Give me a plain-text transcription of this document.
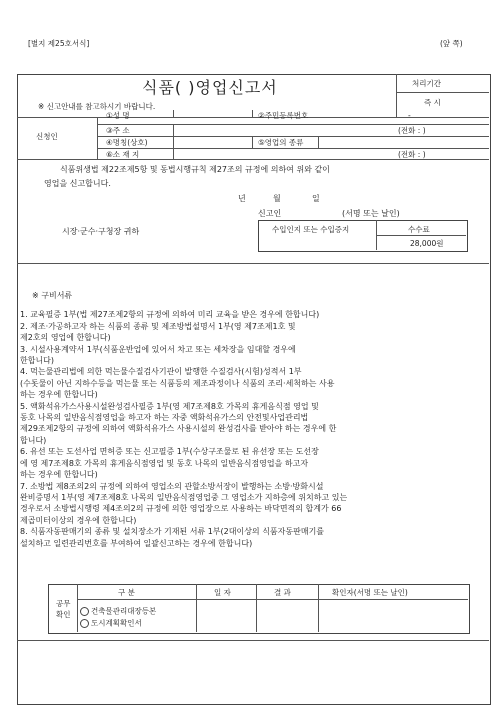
[별지 제25호서식]	(앞 쪽)
식품( )영업신고서	처리기간
즉 시
※ 신고안내를 참고하시기 바랍니다.
신청인
①성 명	②주민등록번호	-
③주 소	(전화 : )
④명칭(상호)	⑤영업의 종류
⑥소 재 지	(전화 : )
식품위생법 제22조제5항 및 동법시행규칙 제27조의 규정에 의하여 위와 같이
영업을 신고합니다.
년	월	일
신고인	(서명 또는 날인)
시장·군수·구청장 귀하	수입인지 또는 수입증지	수수료
28,000원
※ 구비서류
1. 교육필증 1부(법 제27조제2항의 규정에 의하여 미리 교육을 받은 경우에 한합니다)
2. 제조·가공하고자 하는 식품의 종류 및 제조방법설명서 1부(영 제7조제1호 및
제2호의 영업에 한합니다)
3. 시설사용계약서 1부(식품운반업에 있어서 차고 또는 세차장을 임대할 경우에
한합니다)
4. 먹는물관리법에 의한 먹는물수질검사기관이 발행한 수질검사(시험)성적서 1부
(수돗물이 아닌 지하수등을 먹는물 또는 식품등의 제조과정이나 식품의 조리·세척하는 사용
하는 경우에 한합니다)
5. 액화석유가스사용시설완성검사필증 1부(영 제7조제8호 가목의 휴게음식점 영업 및
동호 나목의 일반음식점영업을 하고자 하는 자중 액화석유가스의 안전및사업관리법
제29조제2항의 규정에 의하여 액화석유가스 사용시설의 완성검사를 받아야 하는 경우에 한
합니다)
6. 유선 또는 도선사업 면허증 또는 신고필증 1부(수상구조물로 된 유선장 또는 도선장
에 영 제7조제8호 가목의 휴게음식점영업 및 동호 나목의 일반음식점영업을 하고자
하는 경우에 한합니다)
7. 소방법 제8조의2의 규정에 의하여 영업소의 관할소방서장이 발행하는 소방·방화시설
완비증명서 1부(영 제7조제8호 나목의 일반음식점영업중 그 영업소가 지하층에 위치하고 있는
경우로서 소방법시행령 제4조의2의 규정에 의한 영업장으로 사용하는 바닥면적의 합계가 66
제곱미터이상의 경우에 한합니다)
8. 식품자동판매기의 종류 및 설치장소가 기재된 서류 1부(2대이상의 식품자동판매기를
설치하고 일련관리번호를 부여하여 일괄신고하는 경우에 한합니다)
공무
확인
구 분	일 자	결 과	확인자(서명 또는 날인)
건축물관리대장등본
도시계획확인서
